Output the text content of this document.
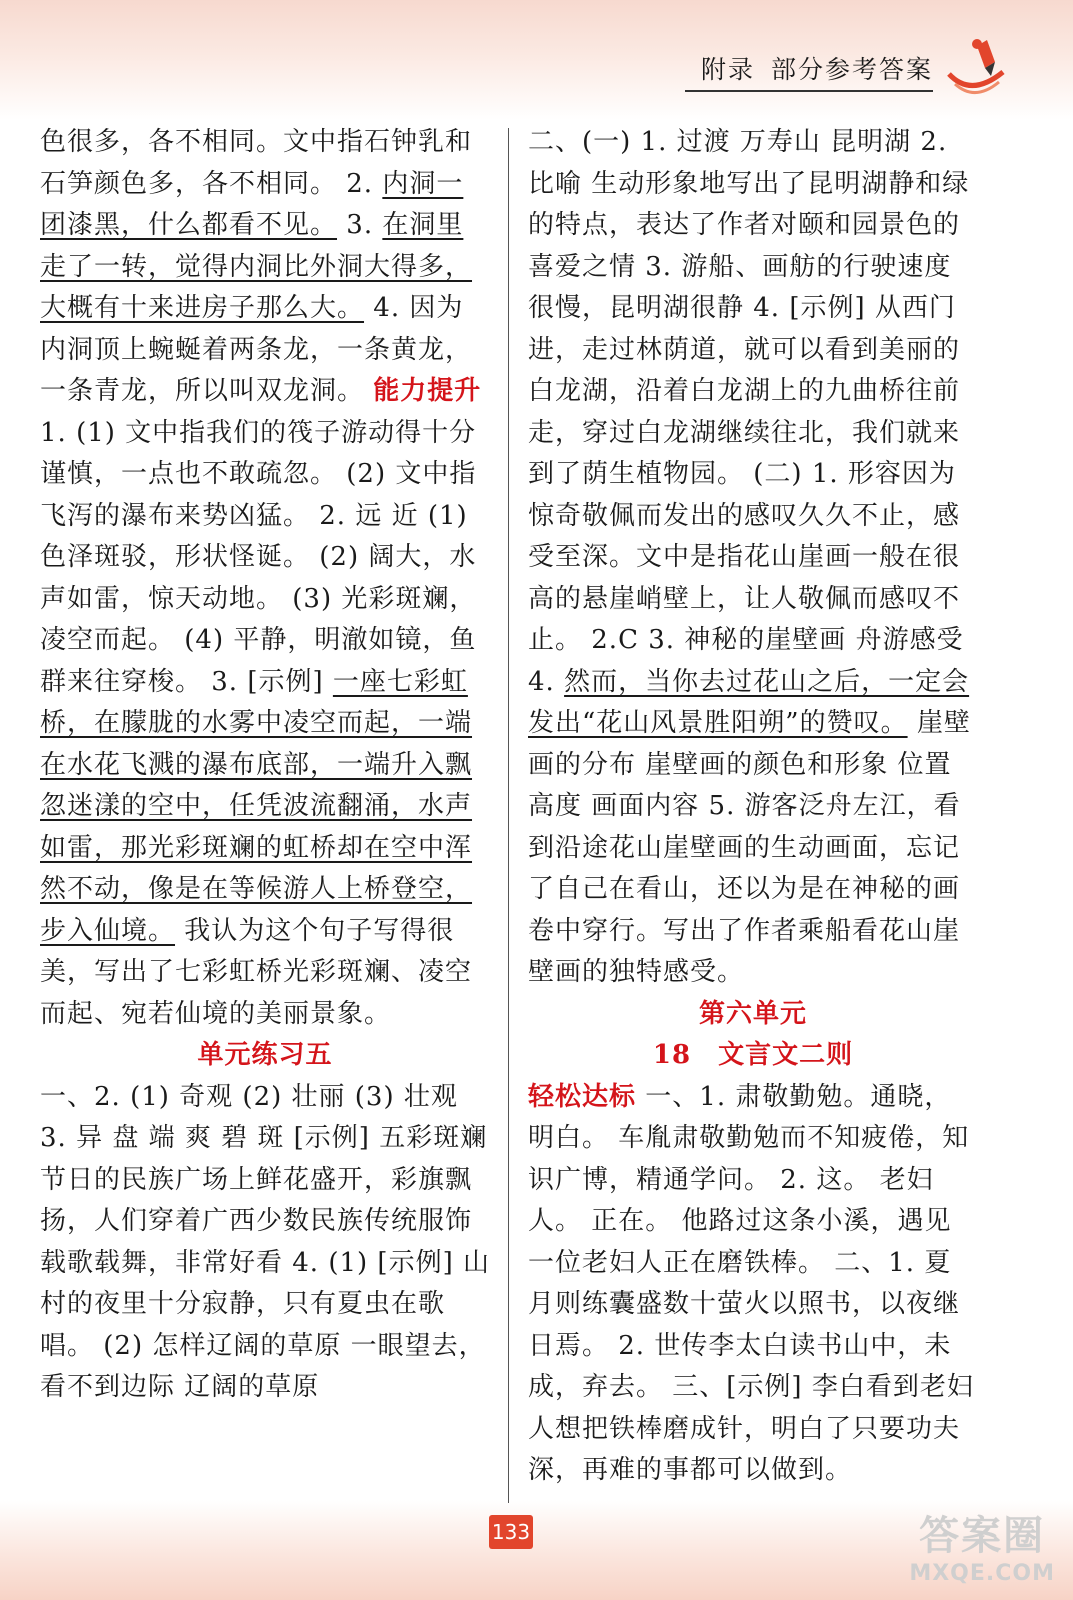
附录 部分参考答案

色很多，各不相同。文中指石钟乳和石笋颜色多，各不相同。 2. 内洞一团漆黑，什么都看不见。 3. 在洞里走了一转，觉得内洞比外洞大得多，大概有十来进房子那么大。 4. 因为内洞顶上蜿蜒着两条龙，一条黄龙，一条青龙，所以叫双龙洞。 能力提升

1. (1) 文中指我们的筏子游动得十分谨慎，一点也不敢疏忽。 (2) 文中指飞泻的瀑布来势凶猛。 2. 远 近 (1) 色泽斑驳，形状怪诞。 (2) 阔大，水声如雷，惊天动地。 (3) 光彩斑斓，凌空而起。 (4) 平静，明澈如镜，鱼群来往穿梭。 3. [示例] 一座七彩虹桥，在朦胧的水雾中凌空而起，一端在水花飞溅的瀑布底部，一端升入飘忽迷漾的空中，任凭波流翻涌，水声如雷，那光彩斑斓的虹桥却在空中浑然不动，像是在等候游人上桥登空，步入仙境。 我认为这个句子写得很美，写出了七彩虹桥光彩斑斓、凌空而起、宛若仙境的美丽景象。

单元练习五

一、2. (1) 奇观 (2) 壮丽 (3) 壮观 3. 异 盘 端 爽 碧 斑 [示例] 五彩斑斓 节日的民族广场上鲜花盛开，彩旗飘扬，人们穿着广西少数民族传统服饰载歌载舞，非常好看 4. (1) [示例] 山村的夜里十分寂静，只有夏虫在歌唱。 (2) 怎样辽阔的草原 一眼望去，看不到边际 辽阔的草原

二、(一) 1. 过渡 万寿山 昆明湖 2. 比喻 生动形象地写出了昆明湖静和绿的特点，表达了作者对颐和园景色的喜爱之情 3. 游船、画舫的行驶速度很慢，昆明湖很静 4. [示例] 从西门进，走过林荫道，就可以看到美丽的白龙湖，沿着白龙湖上的九曲桥往前走，穿过白龙湖继续往北，我们就来到了荫生植物园。 (二) 1. 形容因为惊奇敬佩而发出的感叹久久不止，感受至深。文中是指花山崖画一般在很高的悬崖峭壁上，让人敬佩而感叹不止。 2.C 3. 神秘的崖壁画 舟游感受 4. 然而，当你去过花山之后，一定会发出“花山风景胜阳朔”的赞叹。 崖壁画的分布 崖壁画的颜色和形象 位置高度 画面内容 5. 游客泛舟左江，看到沿途花山崖壁画的生动画面，忘记了自己在看山，还以为是在神秘的画卷中穿行。写出了作者乘船看花山崖壁画的独特感受。

第六单元
18　文言文二则

轻松达标 一、1. 肃敬勤勉。通晓，明白。 车胤肃敬勤勉而不知疲倦，知识广博，精通学问。 2. 这。 老妇人。 正在。 他路过这条小溪，遇见一位老妇人正在磨铁棒。 二、1. 夏月则练囊盛数十萤火以照书，以夜继日焉。 2. 世传李太白读书山中，未成，弃去。 三、[示例] 李白看到老妇人想把铁棒磨成针，明白了只要功夫深，再难的事都可以做到。

133	答案圈
MXQE.COM
